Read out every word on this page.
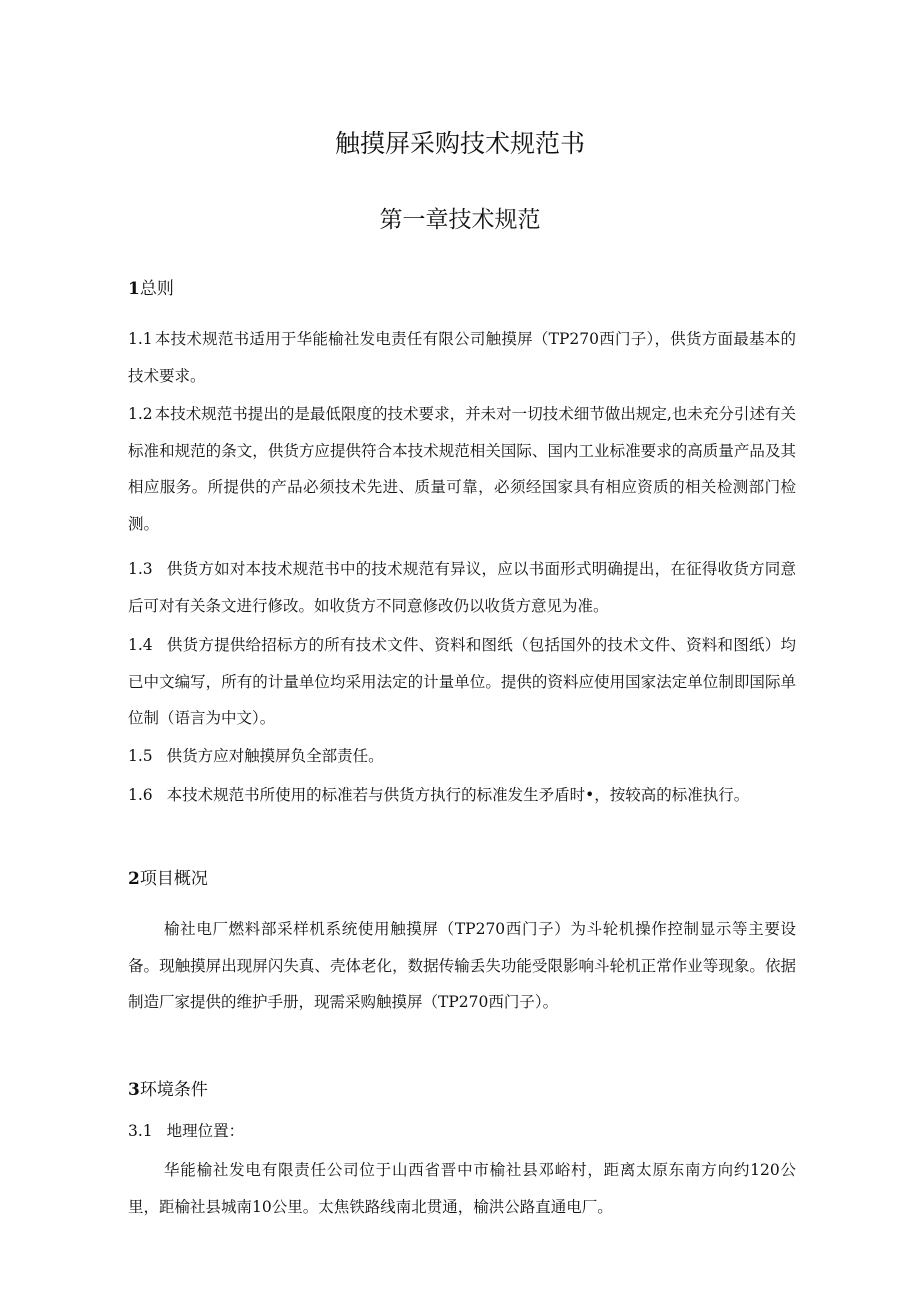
触摸屏采购技术规范书
第一章技术规范
1总则

1.1 本技术规范书适用于华能榆社发电责任有限公司触摸屏（TP270西门子），供货方面最基本的技术要求。

1.2 本技术规范书提出的是最低限度的技术要求，并未对一切技术细节做出规定,也未充分引述有关标准和规范的条文，供货方应提供符合本技术规范相关国际、国内工业标准要求的高质量产品及其相应服务。所提供的产品必须技术先进、质量可靠，必须经国家具有相应资质的相关检测部门检测。

1.3 供货方如对本技术规范书中的技术规范有异议，应以书面形式明确提出，在征得收货方同意后可对有关条文进行修改。如收货方不同意修改仍以收货方意见为准。

1.4 供货方提供给招标方的所有技术文件、资料和图纸（包括国外的技术文件、资料和图纸）均已中文编写，所有的计量单位均采用法定的计量单位。提供的资料应使用国家法定单位制即国际单位制（语言为中文）。

1.5 供货方应对触摸屏负全部责任。

1.6 本技术规范书所使用的标准若与供货方执行的标准发生矛盾时•，按较高的标准执行。

2项目概况

榆社电厂燃料部采样机系统使用触摸屏（TP270西门子）为斗轮机操作控制显示等主要设备。现触摸屏出现屏闪失真、壳体老化，数据传输丢失功能受限影响斗轮机正常作业等现象。依据制造厂家提供的维护手册，现需采购触摸屏（TP270西门子）。

3环境条件

3.1 地理位置：

华能榆社发电有限责任公司位于山西省晋中市榆社县邓峪村，距离太原东南方向约120公里，距榆社县城南10公里。太焦铁路线南北贯通，榆洪公路直通电厂。
